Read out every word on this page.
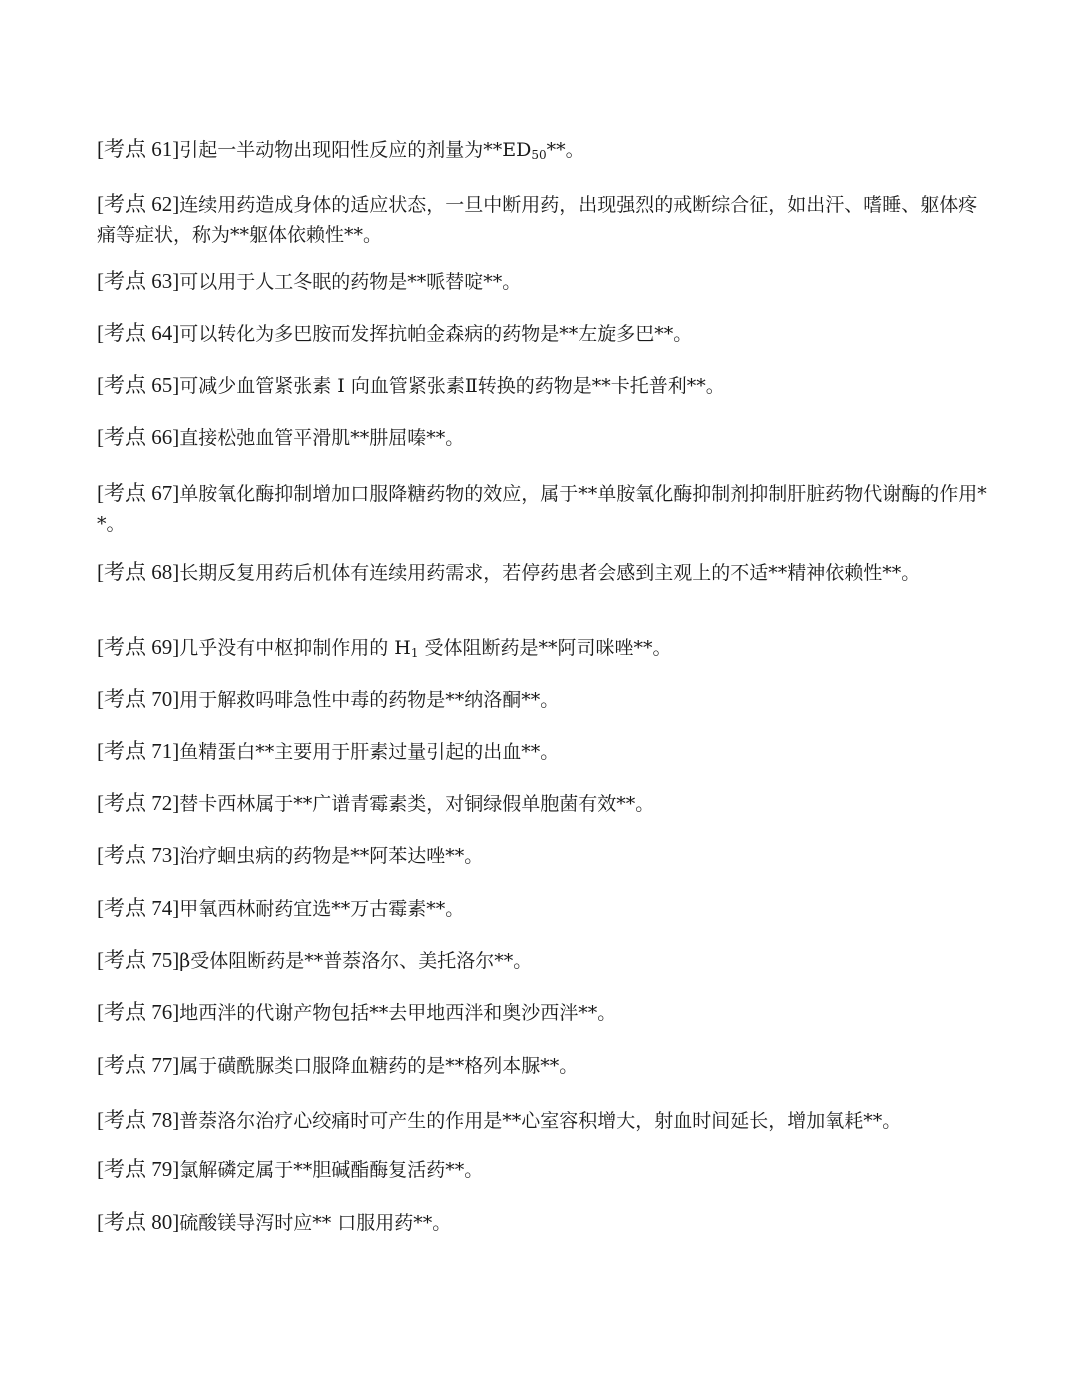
[考点 61]引起一半动物出现阳性反应的剂量为$**ED_{50}**$。

[考点 62]连续用药造成身体的适应状态，一旦中断用药，出现强烈的戒断综合征，如出汗、嗜睡、躯体疼痛等症状，称为**躯体依赖性**。

[考点 63]可以用于人工冬眠的药物是**哌替啶**。

[考点 64]可以转化为多巴胺而发挥抗帕金森病的药物是**左旋多巴**。

[考点 65]可减少血管紧张素 Ⅰ 向血管紧张素Ⅱ转换的药物是**卡托普利**。

[考点 66]直接松弛血管平滑肌**肼屈嗪**。

[考点 67]单胺氧化酶抑制增加口服降糖药物的效应，属于**单胺氧化酶抑制剂抑制肝脏药物代谢酶的作用**。

[考点 68]长期反复用药后机体有连续用药需求，若停药患者会感到主观上的不适**精神依赖性**。

[考点 69]几乎没有中枢抑制作用的 $H_1$ 受体阻断药是**阿司咪唑**。

[考点 70]用于解救吗啡急性中毒的药物是**纳洛酮**。

[考点 71]鱼精蛋白**主要用于肝素过量引起的出血**。

[考点 72]替卡西林属于**广谱青霉素类，对铜绿假单胞菌有效**。

[考点 73]治疗蛔虫病的药物是**阿苯达唑**。

[考点 74]甲氧西林耐药宜选**万古霉素**。

[考点 75]β受体阻断药是**普萘洛尔、美托洛尔**。

[考点 76]地西泮的代谢产物包括**去甲地西泮和奥沙西泮**。

[考点 77]属于磺酰脲类口服降血糖药的是**格列本脲**。

[考点 78]普萘洛尔治疗心绞痛时可产生的作用是**心室容积增大，射血时间延长，增加氧耗**。

[考点 79]氯解磷定属于**胆碱酯酶复活药**。

[考点 80]硫酸镁导泻时应** 口服用药**。
